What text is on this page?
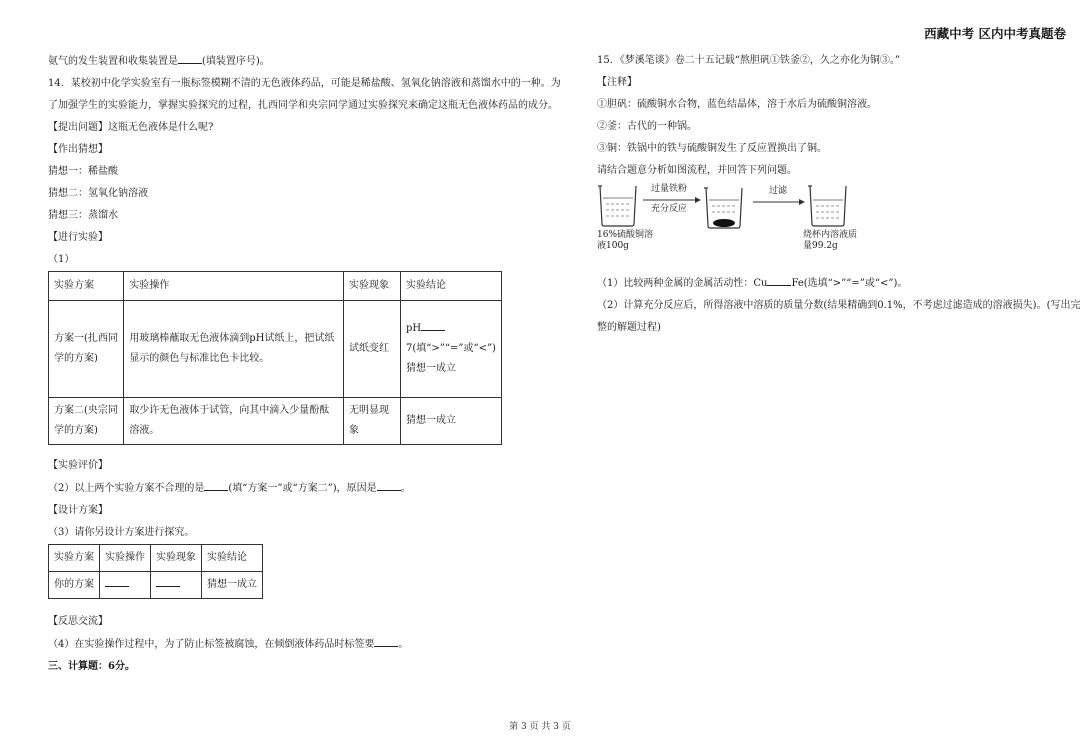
西藏中考 区内中考真题卷
氨气的发生装置和收集装置是 (填装置序号)。
14．某校初中化学实验室有一瓶标签模糊不清的无色液体药品，可能是稀盐酸、氢氧化钠溶液和蒸馏水中的一种。为
了加强学生的实验能力，掌握实验探究的过程，扎西同学和央宗同学通过实验探究来确定这瓶无色液体药品的成分。
【提出问题】这瓶无色液体是什么呢?
【作出猜想】
猜想一：稀盐酸
猜想二：氢氧化钠溶液
猜想三：蒸馏水
【进行实验】
（1）
实验方案	实验操作	实验现象	实验结论
方案一(扎西同学的方案)	用玻璃棒蘸取无色液体滴到pH试纸上，把试纸显示的颜色与标准比色卡比较。	试纸变红	pH7(填“>”“=”或“<”)猜想一成立
方案二(央宗同学的方案)	取少许无色液体于试管，向其中滴入少量酚酞溶液。	无明显现象	猜想一成立
【实验评价】
（2）以上两个实验方案不合理的是 (填“方案一”或“方案二”)，原因是 。
【设计方案】
（3）请你另设计方案进行探究。
实验方案	实验操作	实验现象	实验结论
你的方案			猜想一成立
【反思交流】
（4）在实验操作过程中，为了防止标签被腐蚀，在倾倒液体药品时标签要 。
三、计算题：6分。
15．《梦溪笔谈》卷二十五记载“熬胆矾①铁釜②，久之亦化为铜③。”
【注释】
①胆矾：硫酸铜水合物，蓝色结晶体，溶于水后为硫酸铜溶液。
②釜：古代的一种锅。
③铜：铁锅中的铁与硫酸铜发生了反应置换出了铜。
请结合题意分析如图流程，并回答下列问题。
16%硫酸铜溶液100g
过量铁粉
充分反应
过滤
烧杯内溶液质量99.2g
（1）比较两种金属的金属活动性：Cu Fe(选填“>”“=”或“<”)。
（2）计算充分反应后，所得溶液中溶质的质量分数(结果精确到0.1%，不考虑过滤造成的溶液损失)。(写出完
整的解题过程)
第 3 页 共 3 页
